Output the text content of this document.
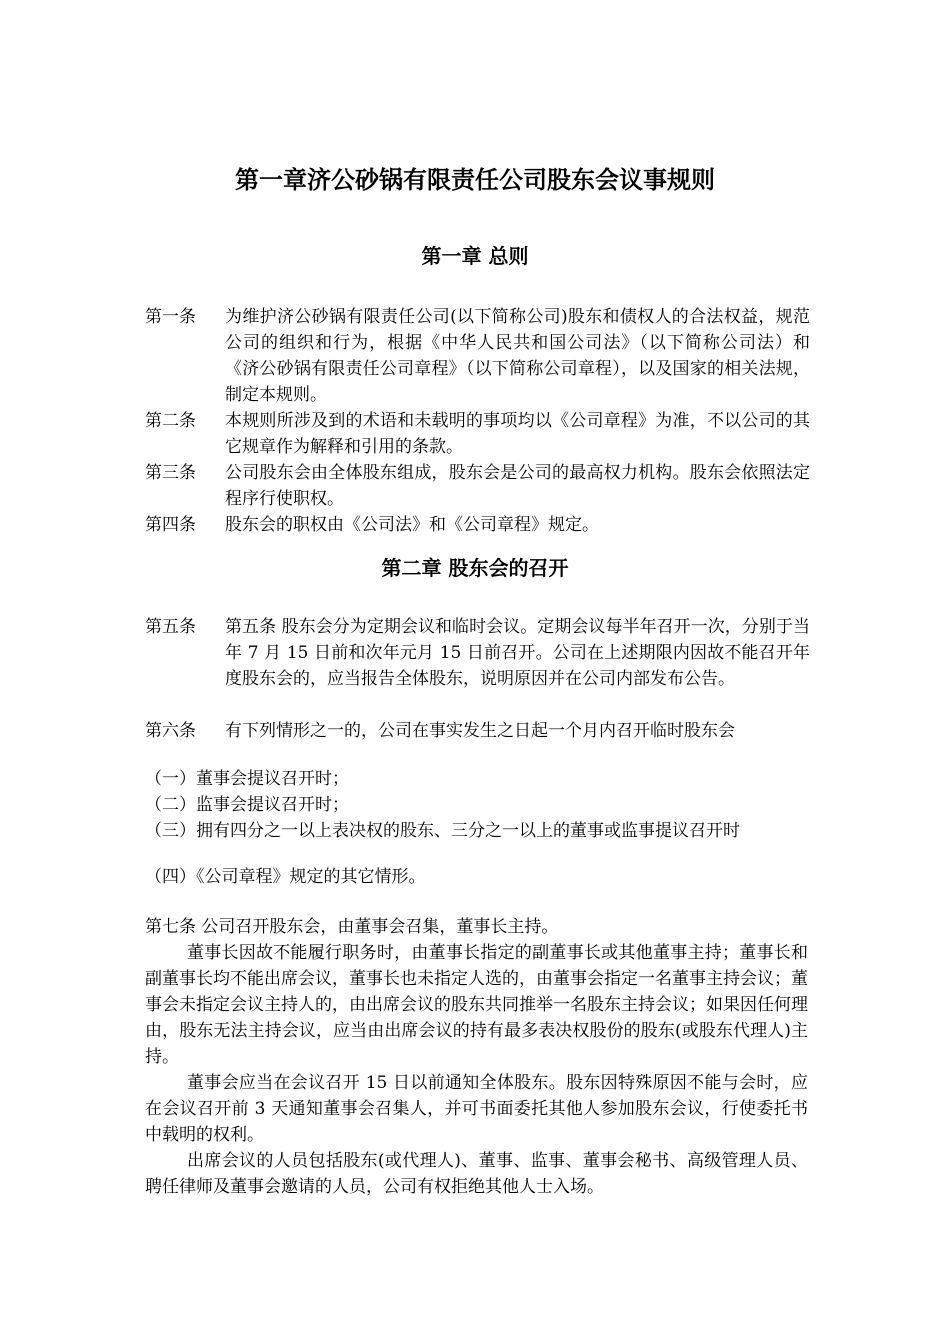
第一章济公砂锅有限责任公司股东会议事规则
第一章 总则
第一条	为维护济公砂锅有限责任公司(以下简称公司)股东和债权人的合法权益，规范公司的组织和行为，根据《中华人民共和国公司法》（以下简称公司法）和《济公砂锅有限责任公司章程》（以下简称公司章程），以及国家的相关法规，制定本规则。
第二条	本规则所涉及到的术语和未载明的事项均以《公司章程》为准，不以公司的其它规章作为解释和引用的条款。
第三条	公司股东会由全体股东组成，股东会是公司的最高权力机构。股东会依照法定程序行使职权。
第四条	股东会的职权由《公司法》和《公司章程》规定。
第二章 股东会的召开
第五条	第五条 股东会分为定期会议和临时会议。定期会议每半年召开一次，分别于当年 7 月 15 日前和次年元月 15 日前召开。公司在上述期限内因故不能召开年度股东会的，应当报告全体股东，说明原因并在公司内部发布公告。
第六条	有下列情形之一的，公司在事实发生之日起一个月内召开临时股东会
（一）董事会提议召开时；
（二）监事会提议召开时；
（三）拥有四分之一以上表决权的股东、三分之一以上的董事或监事提议召开时
（四）《公司章程》规定的其它情形。
第七条 公司召开股东会，由董事会召集，董事长主持。
董事长因故不能履行职务时，由董事长指定的副董事长或其他董事主持；董事长和副董事长均不能出席会议，董事长也未指定人选的，由董事会指定一名董事主持会议；董事会未指定会议主持人的，由出席会议的股东共同推举一名股东主持会议；如果因任何理由，股东无法主持会议，应当由出席会议的持有最多表决权股份的股东(或股东代理人)主持。
董事会应当在会议召开 15 日以前通知全体股东。股东因特殊原因不能与会时，应在会议召开前 3 天通知董事会召集人，并可书面委托其他人参加股东会议，行使委托书中载明的权利。
出席会议的人员包括股东(或代理人)、董事、监事、董事会秘书、高级管理人员、聘任律师及董事会邀请的人员，公司有权拒绝其他人士入场。
